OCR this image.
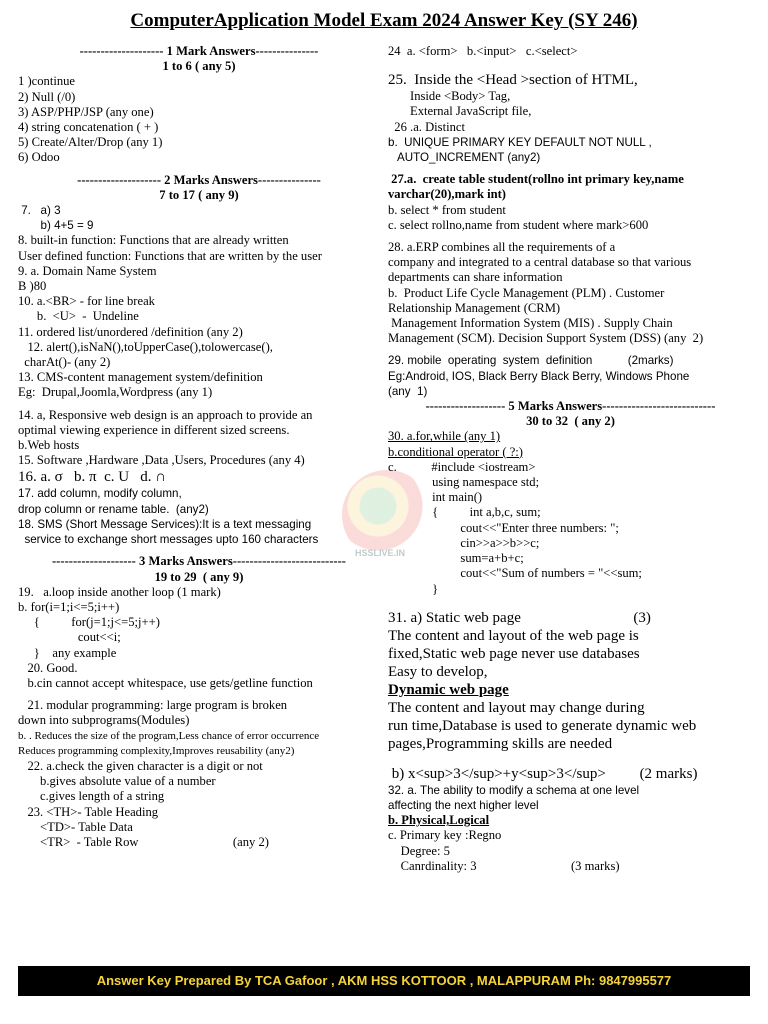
ComputerApplication Model Exam 2024 Answer Key (SY 246)
-------------------- 1 Mark Answers---------------
1 to 6 ( any 5)
1 )continue
2) Null (/0)
3) ASP/PHP/JSP (any one)
4) string concatenation ( + )
5) Create/Alter/Drop (any 1)
6) Odoo
-------------------- 2 Marks Answers---------------
7 to 17 ( any 9)
7.   a) 3
b) 4+5 = 9
8. built-in function: Functions that are already written
User defined function: Functions that are written by the user
9. a. Domain Name System
B )80
10. a.<BR> - for line break
b.  <U>  -  Undeline
11. ordered list/unordered /definition (any 2)
12. alert(),isNaN(),toUpperCase(),tolowercase(),
charAt()- (any 2)
13. CMS-content management system/definition
Eg:  Drupal,Joomla,Wordpress (any 1)
14. a, Responsive web design is an approach to provide an
optimal viewing experience in different sized screens.
b.Web hosts
15. Software ,Hardware ,Data ,Users, Procedures (any 4)
16. a. σ   b. π  c. U   d. ∩
17. add column, modify column,
drop column or rename table.  (any2)
18. SMS (Short Message Services):It is a text messaging
service to exchange short messages upto 160 characters
-------------------- 3 Marks Answers---------------------------
19 to 29  ( any 9)
19.   a.loop inside another loop (1 mark)
b. for(i=1;i<=5;i++)
{          for(j=1;j<=5;j++)
cout<<i;
}    any example
20. Good.
b.cin cannot accept whitespace, use gets/getline function
21. modular programming: large program is broken
down into subprograms(Modules)
b. . Reduces the size of the program,Less chance of error occurrence
Reduces programming complexity,Improves reusability (any2)
22. a.check the given character is a digit or not
b.gives absolute value of a number
c.gives length of a string
23. <TH>- Table Heading
<TD>- Table Data
<TR>  - Table Row                              (any 2)
24  a. <form>   b.<input>   c.<select>
25.  Inside the <Head >section of HTML,
Inside <Body> Tag,
External JavaScript file,
26 .a. Distinct
b.  UNIQUE PRIMARY KEY DEFAULT NOT NULL ,
AUTO_INCREMENT (any2)
27.a.  create table student(rollno int primary key,name
varchar(20),mark int)
b. select * from student
c. select rollno,name from student where mark>600
28. a.ERP combines all the requirements of a
company and integrated to a central database so that various
departments can share information
b.  Product Life Cycle Management (PLM) . Customer
Relationship Management (CRM)
Management Information System (MIS) . Supply Chain
Management (SCM). Decision Support System (DSS) (any  2)
29. mobile  operating  system  definition           (2marks)
Eg:Android, IOS, Black Berry Black Berry, Windows Phone
(any  1)
------------------- 5 Marks Answers---------------------------
30 to 32  ( any 2)
30. a.for,while (any 1)
b.conditional operator ( ?:)
c.           #include <iostream>
using namespace std;
int main()
{          int a,b,c, sum;
cout<<"Enter three numbers: ";
cin>>a>>b>>c;
sum=a+b+c;
cout<<"Sum of numbers = "<<sum;
}
31. a) Static web page                              (3)
The content and layout of the web page is
fixed,Static web page never use databases
Easy to develop,
Dynamic web page
The content and layout may change during
run time,Database is used to generate dynamic web
pages,Programming skills are needed
b) x<sup>3</sup>+y<sup>3</sup>         (2 marks)
32. a. The ability to modify a schema at one level
affecting the next higher level
b. Physical,Logical
c. Primary key :Regno
Degree: 5
Canrdinality: 3                              (3 marks)
HSSLIVE.IN
Answer Key Prepared By TCA Gafoor , AKM HSS KOTTOOR , MALAPPURAM Ph: 9847995577
